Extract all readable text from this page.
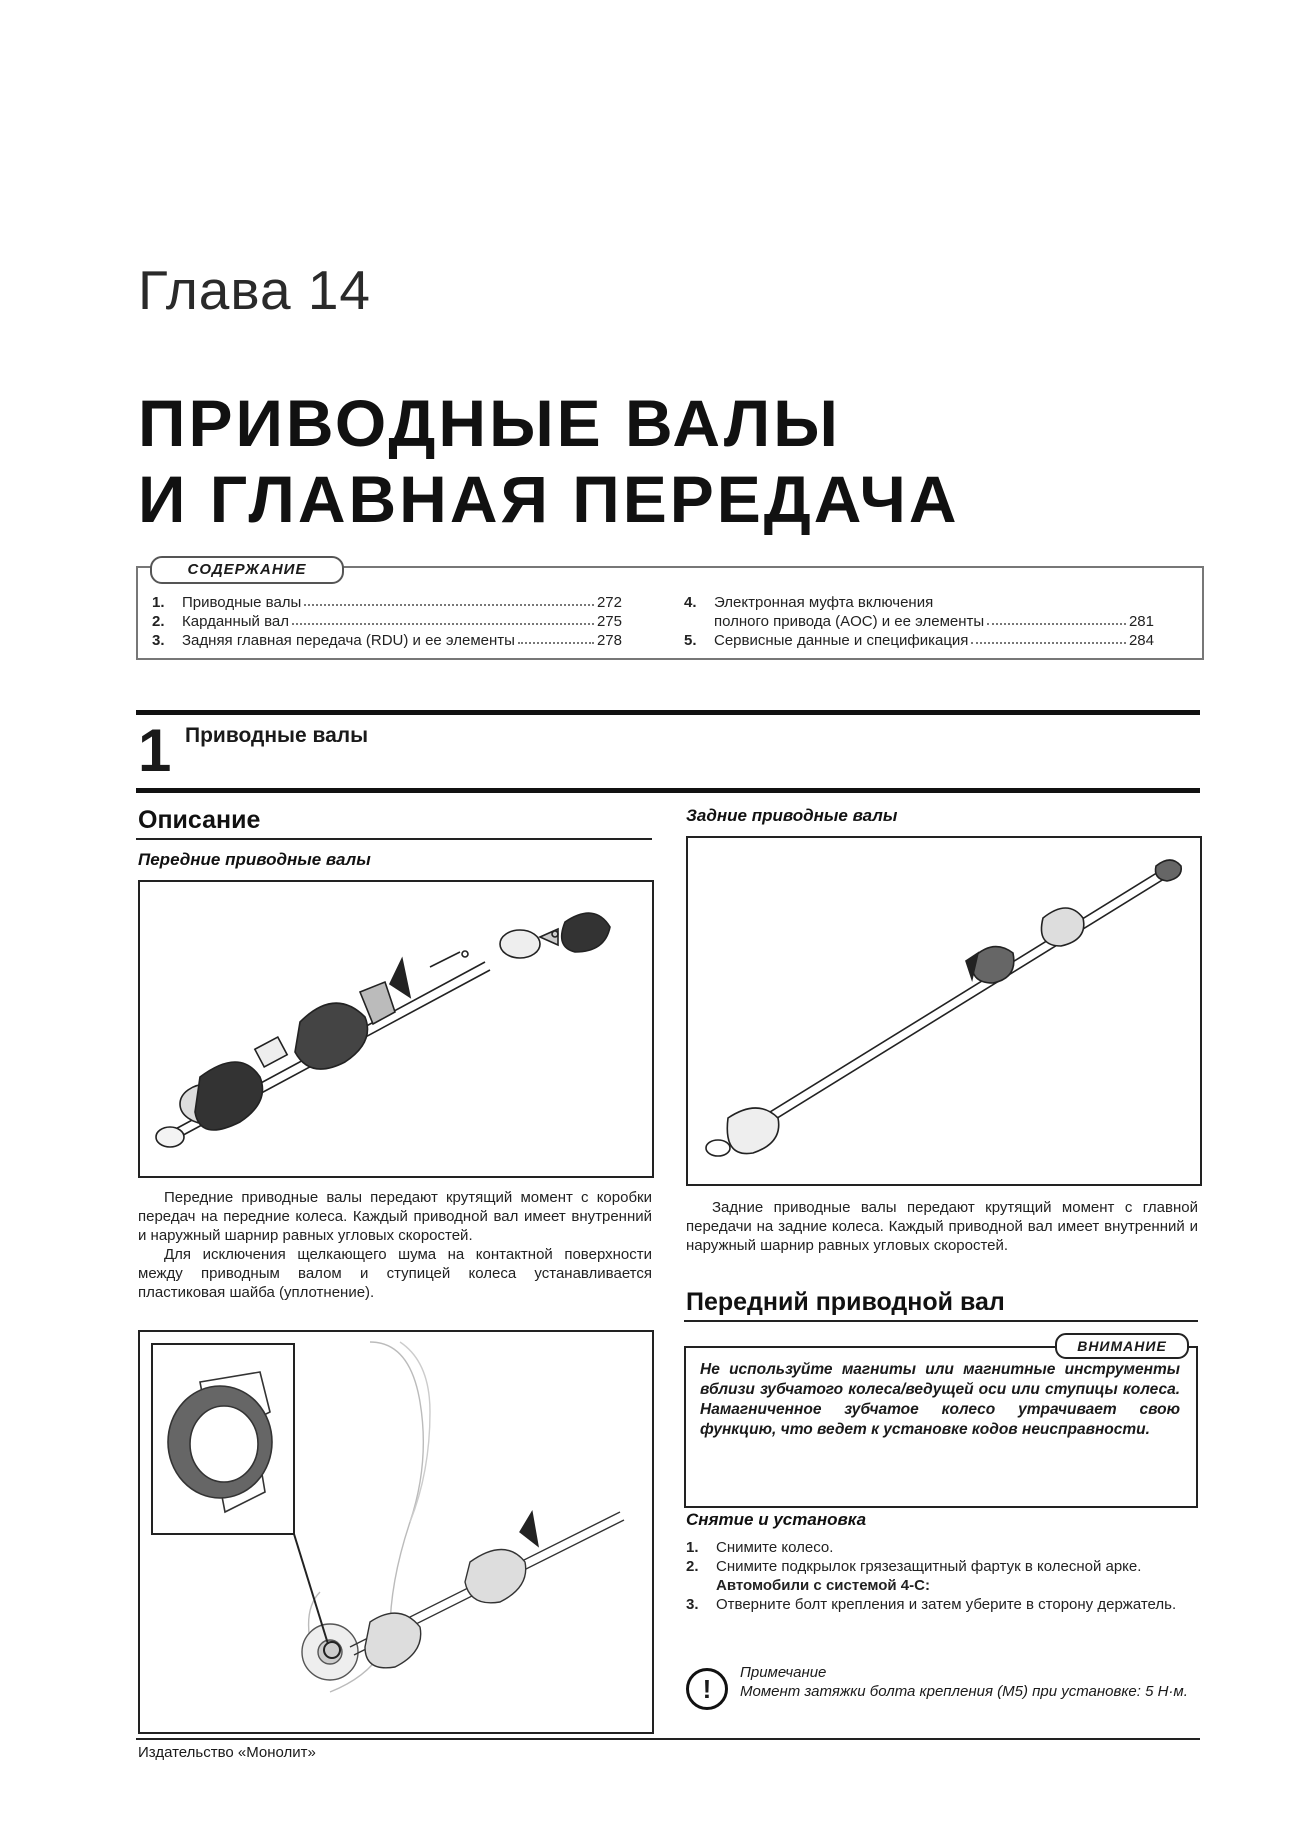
Глава 14
ПРИВОДНЫЕ ВАЛЫ
И ГЛАВНАЯ ПЕРЕДАЧА
1.	Приводные валы	272
2.	Карданный вал	275
3.	Задняя главная передача (RDU) и ее элементы	278
4.	Электронная муфта включения
полного привода (AOC) и ее элементы	281
5.	Сервисные данные и спецификация	284
СОДЕРЖАНИЕ
1 Приводные валы
Описание
Передние приводные валы

Передние приводные валы передают крутящий момент с коробки передач на передние колеса. Каждый приводной вал имеет внутренний и наружный шарнир равных угловых скоростей.

Для исключения щелкающего шума на контактной поверхности между приводным валом и ступицей колеса устанавливается пластиковая шайба (уплотнение).

Задние приводные валы

Задние приводные валы передают крутящий момент с главной передачи на задние колеса. Каждый приводной вал имеет внутренний и наружный шарнир равных угловых скоростей.

Передний приводной вал
ВНИМАНИЕ
Не используйте магниты или магнитные инструменты вблизи зубчатого колеса/ведущей оси или ступицы колеса. Намагниченное зубчатое колесо утрачивает свою функцию, что ведет к установке кодов неисправности.
Снятие и установка
1.	Снимите колесо.
2.	Снимите подкрылок грязезащитный фартук в колесной арке.
Автомобили с системой 4-C:
3.	Отверните болт крепления и затем уберите в сторону держатель.
!
Примечание
Момент затяжки болта крепления (M5) при установке: 5 Н·м.
Издательство «Монолит»
